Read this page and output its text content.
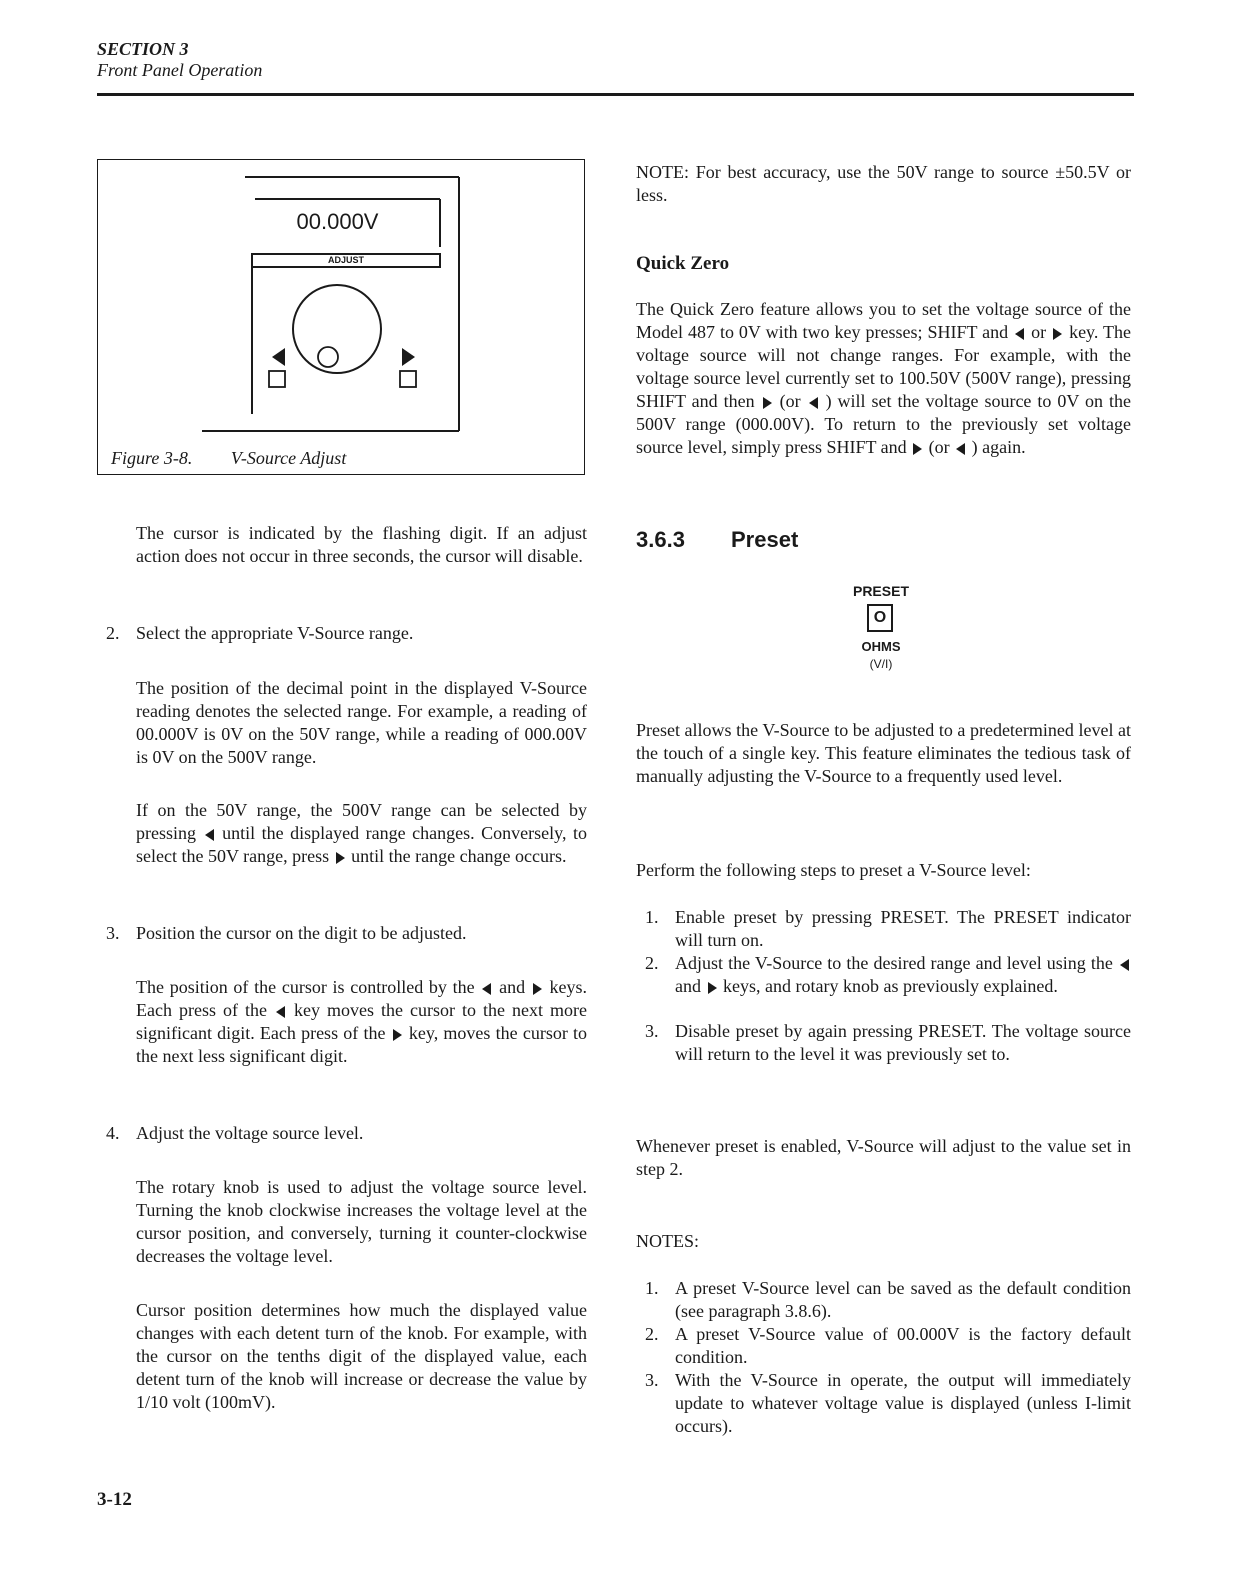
SECTION 3
Front Panel Operation
00.000V
ADJUST
Figure 3-8. V-Source Adjust

The cursor is indicated by the flashing digit. If an adjust action does not occur in three seconds, the cursor will disable.

2. Select the appropriate V-Source range.

The position of the decimal point in the displayed V-Source reading denotes the selected range. For example, a reading of 00.000V is 0V on the 50V range, while a reading of 000.00V is 0V on the 500V range.

If on the 50V range, the 500V range can be selected by pressing until the displayed range changes. Conversely, to select the 50V range, press until the range change occurs.

3. Position the cursor on the digit to be adjusted.

The position of the cursor is controlled by the and keys. Each press of the key moves the cursor to the next more significant digit. Each press of the key, moves the cursor to the next less significant digit.

4. Adjust the voltage source level.

The rotary knob is used to adjust the voltage source level. Turning the knob clockwise increases the voltage level at the cursor position, and conversely, turning it counter-clockwise decreases the voltage level.

Cursor position determines how much the displayed value changes with each detent turn of the knob. For example, with the cursor on the tenths digit of the displayed value, each detent turn of the knob will increase or decrease the value by 1/10 volt (100mV).

NOTE: For best accuracy, use the 50V range to source ±50.5V or less.

Quick Zero

The Quick Zero feature allows you to set the voltage source of the Model 487 to 0V with two key presses; SHIFT and or key. The voltage source will not change ranges. For example, with the voltage source level currently set to 100.50V (500V range), pressing SHIFT and then (or ) will set the voltage source to 0V on the 500V range (000.00V). To return to the previously set voltage source level, simply press SHIFT and (or ) again.

3.6.3 Preset
PRESET
O
OHMS
(V/I)

Preset allows the V-Source to be adjusted to a predetermined level at the touch of a single key. This feature eliminates the tedious task of manually adjusting the V-Source to a frequently used level.

Perform the following steps to preset a V-Source level:

1. Enable preset by pressing PRESET. The PRESET indicator will turn on.

2. Adjust the V-Source to the desired range and level using the  and keys, and rotary knob as previously explained.

3. Disable preset by again pressing PRESET. The voltage source will return to the level it was previously set to.

Whenever preset is enabled, V-Source will adjust to the value set in step 2.

NOTES:
1. A preset V-Source level can be saved as the default condition (see paragraph 3.8.6).

2. A preset V-Source value of 00.000V is the factory default condition.

3. With the V-Source in operate, the output will immediately update to whatever voltage value is displayed (unless I-limit occurs).

3-12
